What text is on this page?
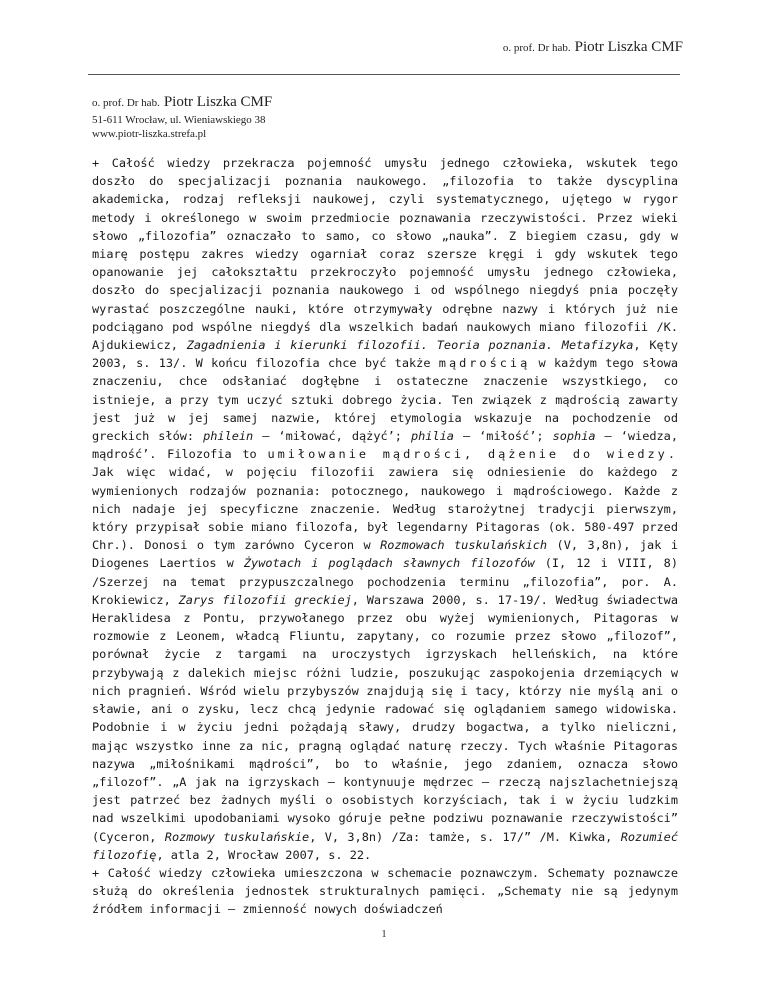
o. prof. Dr hab. Piotr Liszka CMF
o. prof. Dr hab. Piotr Liszka CMF
51-611 Wrocław, ul. Wieniawskiego 38
www.piotr-liszka.strefa.pl

+ Całość wiedzy przekracza pojemność umysłu jednego człowieka, wskutek tego doszło do specjalizacji poznania naukowego. „filozofia to także dyscyplina akademicka, rodzaj refleksji naukowej, czyli systematycznego, ujętego w rygor metody i określonego w swoim przedmiocie poznawania rzeczywistości. Przez wieki słowo „filozofia” oznaczało to samo, co słowo „nauka”. Z biegiem czasu, gdy w miarę postępu zakres wiedzy ogarniał coraz szersze kręgi i gdy wskutek tego opanowanie jej całokształtu przekroczyło pojemność umysłu jednego człowieka, doszło do specjalizacji poznania naukowego i od wspólnego niegdyś pnia poczęły wyrastać poszczególne nauki, które otrzymywały odrębne nazwy i których już nie podciągano pod wspólne niegdyś dla wszelkich badań naukowych miano filozofii /K. Ajdukiewicz, Zagadnienia i kierunki filozofii. Teoria poznania. Metafizyka, Kęty 2003, s. 13/. W końcu filozofia chce być także mądrością w każdym tego słowa znaczeniu, chce odsłaniać dogłębne i ostateczne znaczenie wszystkiego, co istnieje, a przy tym uczyć sztuki dobrego życia. Ten związek z mądrością zawarty jest już w jej samej nazwie, której etymologia wskazuje na pochodzenie od greckich słów: philein – ‘miłować, dążyć’; philia – ‘miłość’; sophia – ‘wiedza, mądrość’. Filozofia to umiłowanie mądrości, dążenie do wiedzy. Jak więc widać, w pojęciu filozofii zawiera się odniesienie do każdego z wymienionych rodzajów poznania: potocznego, naukowego i mądrościowego. Każde z nich nadaje jej specyficzne znaczenie. Według starożytnej tradycji pierwszym, który przypisał sobie miano filozofa, był legendarny Pitagoras (ok. 580-497 przed Chr.). Donosi o tym zarówno Cyceron w Rozmowach tuskulańskich (V, 3,8n), jak i Diogenes Laertios w Żywotach i poglądach sławnych filozofów (I, 12 i VIII, 8) /Szerzej na temat przypuszczalnego pochodzenia terminu „filozofia”, por. A. Krokiewicz, Zarys filozofii greckiej, Warszawa 2000, s. 17-19/. Według świadectwa Heraklidesa z Pontu, przywołanego przez obu wyżej wymienionych, Pitagoras w rozmowie z Leonem, władcą Fliuntu, zapytany, co rozumie przez słowo „filozof”, porównał życie z targami na uroczystych igrzyskach helleńskich, na które przybywają z dalekich miejsc różni ludzie, poszukując zaspokojenia drzemiących w nich pragnień. Wśród wielu przybyszów znajdują się i tacy, którzy nie myślą ani o sławie, ani o zysku, lecz chcą jedynie radować się oglądaniem samego widowiska. Podobnie i w życiu jedni pożądają sławy, drudzy bogactwa, a tylko nieliczni, mając wszystko inne za nic, pragną oglądać naturę rzeczy. Tych właśnie Pitagoras nazywa „miłośnikami mądrości”, bo to właśnie, jego zdaniem, oznacza słowo „filozof”. „A jak na igrzyskach – kontynuuje mędrzec – rzeczą najszlachetniejszą jest patrzeć bez żadnych myśli o osobistych korzyściach, tak i w życiu ludzkim nad wszelkimi upodobaniami wysoko góruje pełne podziwu poznawanie rzeczywistości” (Cyceron, Rozmowy tuskulańskie, V, 3,8n) /Za: tamże, s. 17/” /M. Kiwka, Rozumieć filozofię, atla 2, Wrocław 2007, s. 22.

+ Całość wiedzy człowieka umieszczona w schemacie poznawczym. Schematy poznawcze służą do określenia jednostek strukturalnych pamięci. „Schematy nie są jedynym źródłem informacji – zmienność nowych doświadczeń

1
